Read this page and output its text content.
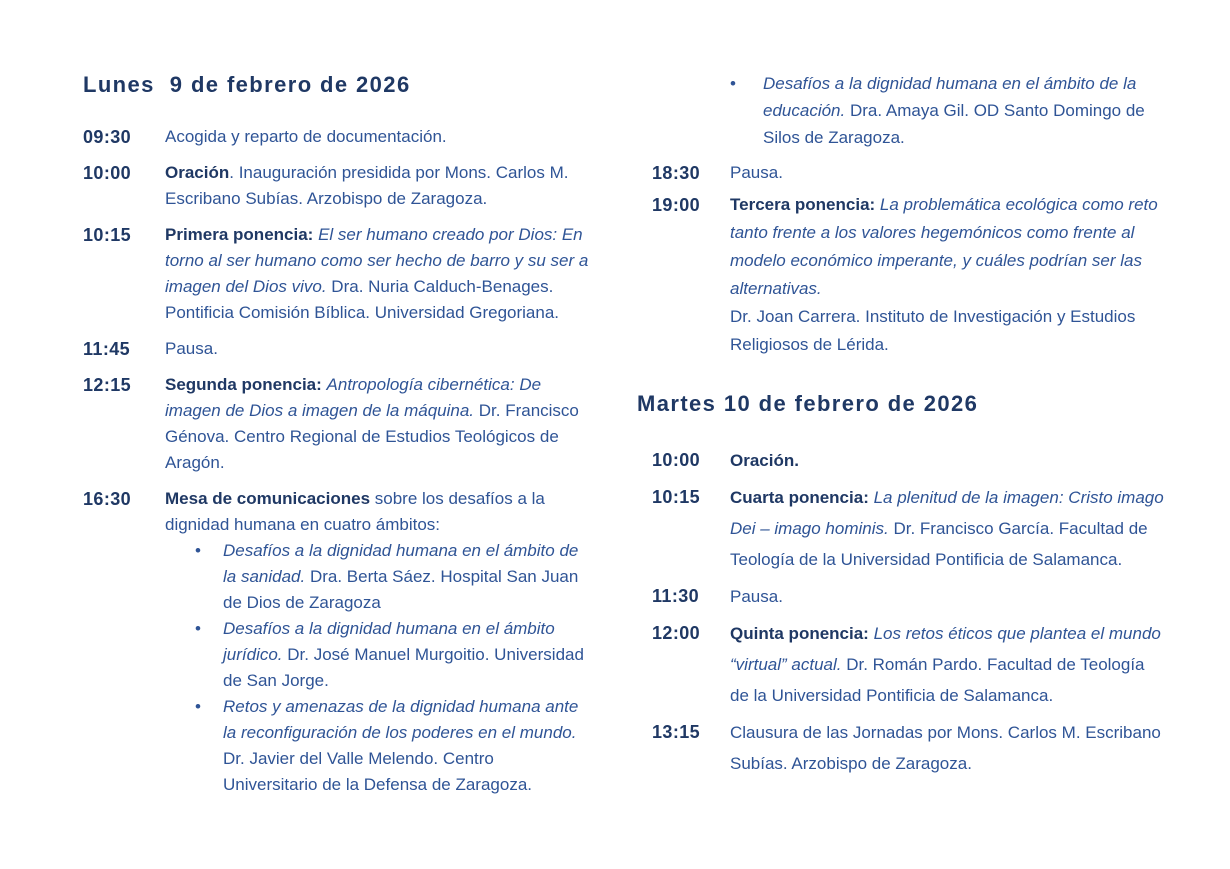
Lunes  9 de febrero de 2026
09:30	Acogida y reparto de documentación.
10:00	Oración. Inauguración presidida por Mons. Carlos M. Escribano Subías. Arzobispo de Zaragoza.
10:15	Primera ponencia: El ser humano creado por Dios: En torno al ser humano como ser hecho de barro y su ser a imagen del Dios vivo. Dra. Nuria Calduch-Benages. Pontificia Comisión Bíblica. Universidad Gregoriana.
11:45	Pausa.
12:15	Segunda ponencia: Antropología cibernética: De imagen de Dios a imagen de la máquina. Dr. Francisco Génova. Centro Regional de Estudios Teológicos de Aragón.
16:30	Mesa de comunicaciones sobre los desafíos a la dignidad humana en cuatro ámbitos:
• Desafíos a la dignidad humana en el ámbito de la sanidad. Dra. Berta Sáez. Hospital San Juan de Dios de Zaragoza
• Desafíos a la dignidad humana en el ámbito jurídico. Dr. José Manuel Murgoitio. Universidad de San Jorge.
• Retos y amenazas de la dignidad humana ante la reconfiguración de los poderes en el mundo. Dr. Javier del Valle Melendo. Centro Universitario de la Defensa de Zaragoza.
• Desafíos a la dignidad humana en el ámbito de la educación. Dra. Amaya Gil. OD Santo Domingo de Silos de Zaragoza.
18:30	Pausa.
19:00	Tercera ponencia: La problemática ecológica como reto tanto frente a los valores hegemónicos como frente al modelo económico imperante, y cuáles podrían ser las alternativas.
Dr. Joan Carrera. Instituto de Investigación y Estudios Religiosos de Lérida.
Martes 10 de febrero de 2026
10:00	Oración.
10:15	Cuarta ponencia: La plenitud de la imagen: Cristo imago Dei – imago hominis. Dr. Francisco García. Facultad de Teología de la Universidad Pontificia de Salamanca.
11:30	Pausa.
12:00	Quinta ponencia: Los retos éticos que plantea el mundo “virtual” actual. Dr. Román Pardo. Facultad de Teología de la Universidad Pontificia de Salamanca.
13:15	Clausura de las Jornadas por Mons. Carlos M. Escribano Subías. Arzobispo de Zaragoza.
